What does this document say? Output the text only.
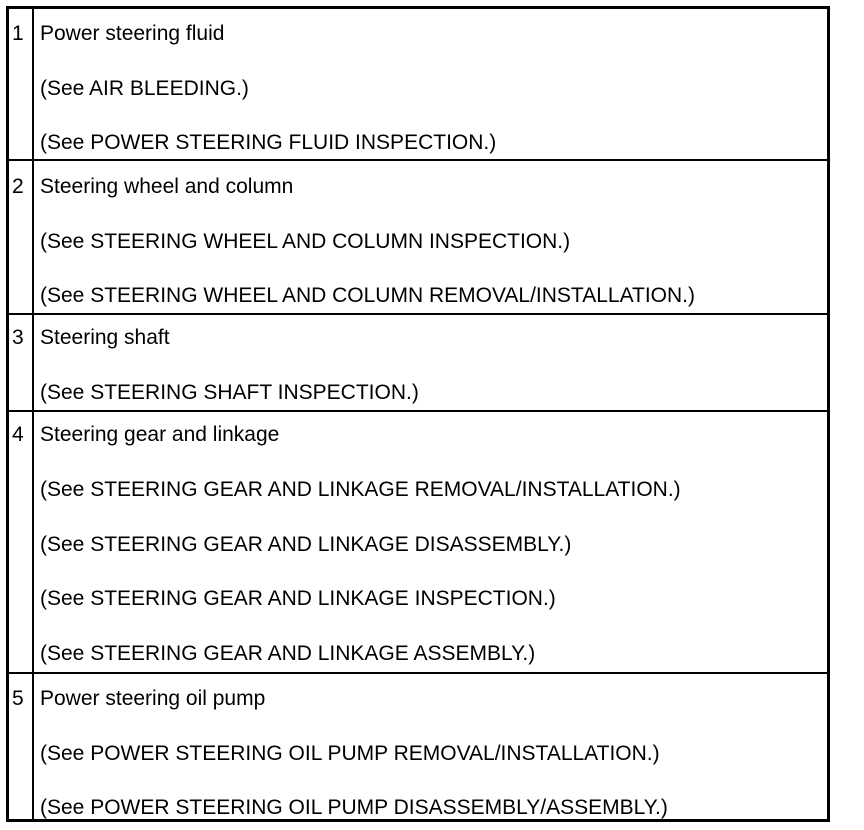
1 Power steering fluid
(See AIR BLEEDING.)
(See POWER STEERING FLUID INSPECTION.)
2 Steering wheel and column
(See STEERING WHEEL AND COLUMN INSPECTION.)
(See STEERING WHEEL AND COLUMN REMOVAL/INSTALLATION.)
3 Steering shaft
(See STEERING SHAFT INSPECTION.)
4 Steering gear and linkage
(See STEERING GEAR AND LINKAGE REMOVAL/INSTALLATION.)
(See STEERING GEAR AND LINKAGE DISASSEMBLY.)
(See STEERING GEAR AND LINKAGE INSPECTION.)
(See STEERING GEAR AND LINKAGE ASSEMBLY.)
5 Power steering oil pump
(See POWER STEERING OIL PUMP REMOVAL/INSTALLATION.)
(See POWER STEERING OIL PUMP DISASSEMBLY/ASSEMBLY.)
